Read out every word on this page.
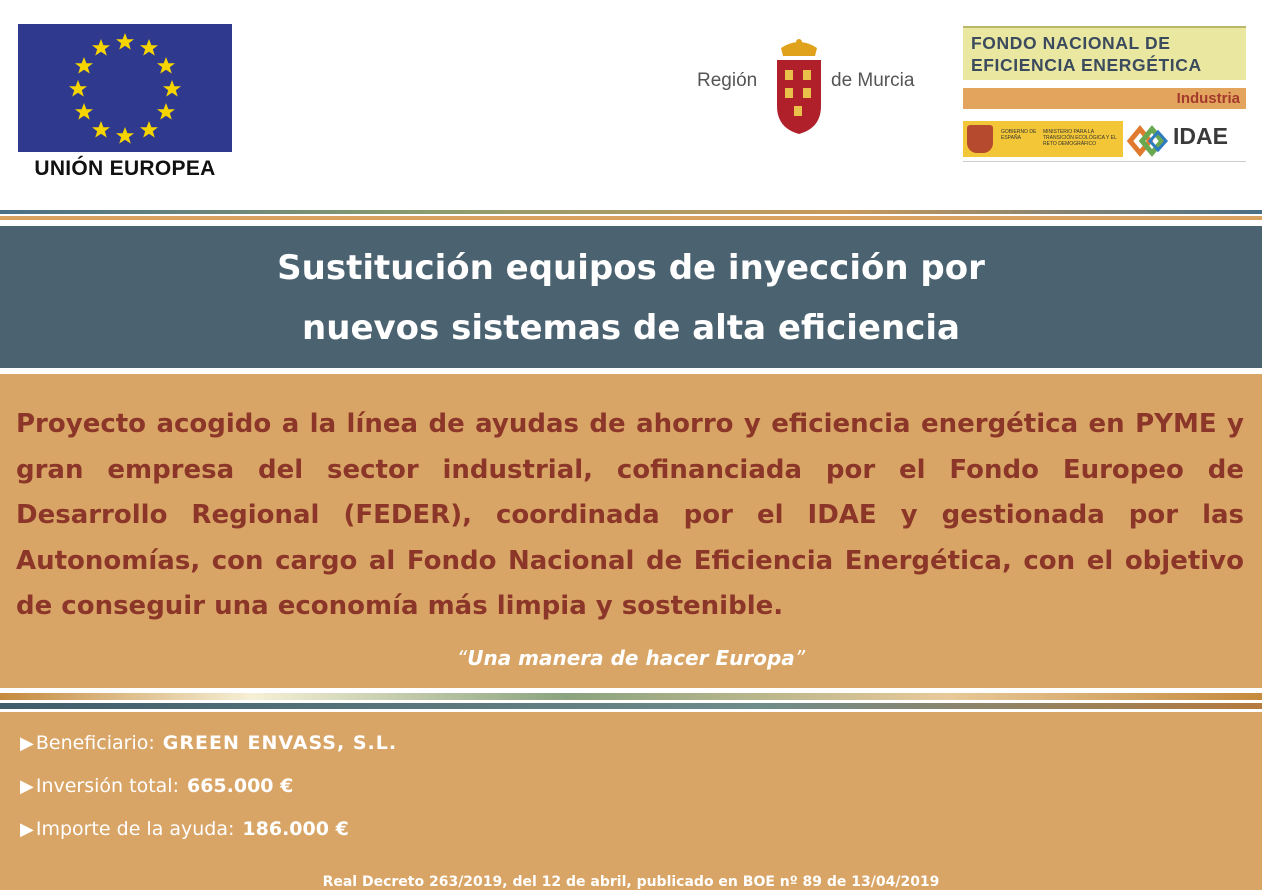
UNIÓN EUROPEA
Región	de Murcia
FONDO NACIONAL DE
EFICIENCIA ENERGÉTICA
Industria
GOBIERNO DE ESPAÑA
MINISTERIO PARA LA TRANSICIÓN ECOLÓGICA Y EL RETO DEMOGRÁFICO	IDAE
Sustitución equipos de inyección por
nuevos sistemas de alta eficiencia
Proyecto acogido a la línea de ayudas de ahorro y eficiencia energética en PYME y gran empresa del sector industrial, cofinanciada por el Fondo Europeo de Desarrollo Regional (FEDER), coordinada por el IDAE y gestionada por las Autonomías, con cargo al Fondo Nacional de Eficiencia Energética, con el objetivo de conseguir una economía más limpia y sostenible.
“Una manera de hacer Europa”
▶ Beneficiario: GREEN ENVASS, S.L.
▶ Inversión total: 665.000 €
▶ Importe de la ayuda: 186.000 €
Real Decreto 263/2019, del 12 de abril, publicado en BOE nº 89 de 13/04/2019
